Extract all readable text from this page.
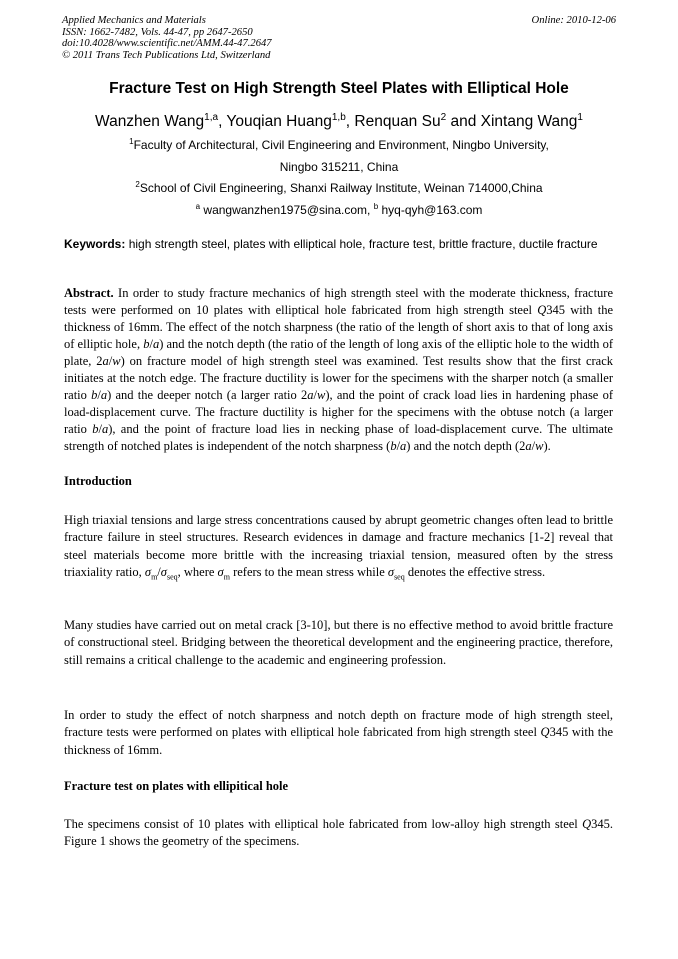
Applied Mechanics and Materials
ISSN: 1662-7482, Vols. 44-47, pp 2647-2650
doi:10.4028/www.scientific.net/AMM.44-47.2647
© 2011 Trans Tech Publications Ltd, Switzerland
Online: 2010-12-06
Fracture Test on High Strength Steel Plates with Elliptical Hole
Wanzhen Wang$^{1,a}$, Youqian Huang$^{1,b}$, Renquan Su$^2$ and Xintang Wang$^1$
$^1$Faculty of Architectural, Civil Engineering and Environment, Ningbo University,
Ningbo 315211, China
$^2$School of Civil Engineering, Shanxi Railway Institute, Weinan 714000,China
$^a$ wangwanzhen1975@sina.com, $^b$ hyq-qyh@163.com
Keywords: high strength steel, plates with elliptical hole, fracture test, brittle fracture, ductile fracture
Abstract. In order to study fracture mechanics of high strength steel with the moderate thickness, fracture tests were performed on 10 plates with elliptical hole fabricated from high strength steel Q345 with the thickness of 16mm. The effect of the notch sharpness (the ratio of the length of short axis to that of long axis of elliptic hole, b/a) and the notch depth (the ratio of the length of long axis of the elliptic hole to the width of plate, 2a/w) on fracture model of high strength steel was examined. Test results show that the first crack initiates at the notch edge. The fracture ductility is lower for the specimens with the sharper notch (a smaller ratio b/a) and the deeper notch (a larger ratio 2a/w), and the point of crack load lies in hardening phase of load-displacement curve. The fracture ductility is higher for the specimens with the obtuse notch (a larger ratio b/a), and the point of fracture load lies in necking phase of load-displacement curve. The ultimate strength of notched plates is independent of the notch sharpness (b/a) and the notch depth (2a/w).
Introduction
High triaxial tensions and large stress concentrations caused by abrupt geometric changes often lead to brittle fracture failure in steel structures. Research evidences in damage and fracture mechanics [1-2] reveal that steel materials become more brittle with the increasing triaxial tension, measured often by the stress triaxiality ratio, $\sigma_m/\sigma_{seq}$, where $\sigma_m$ refers to the mean stress while $\sigma_{seq}$ denotes the effective stress.
Many studies have carried out on metal crack [3-10], but there is no effective method to avoid brittle fracture of constructional steel. Bridging between the theoretical development and the engineering practice, therefore, still remains a critical challenge to the academic and engineering profession.
In order to study the effect of notch sharpness and notch depth on fracture mode of high strength steel, fracture tests were performed on plates with elliptical hole fabricated from high strength steel Q345 with the thickness of 16mm.
Fracture test on plates with ellipitical hole
The specimens consist of 10 plates with elliptical hole fabricated from low-alloy high strength steel Q345. Figure 1 shows the geometry of the specimens.
